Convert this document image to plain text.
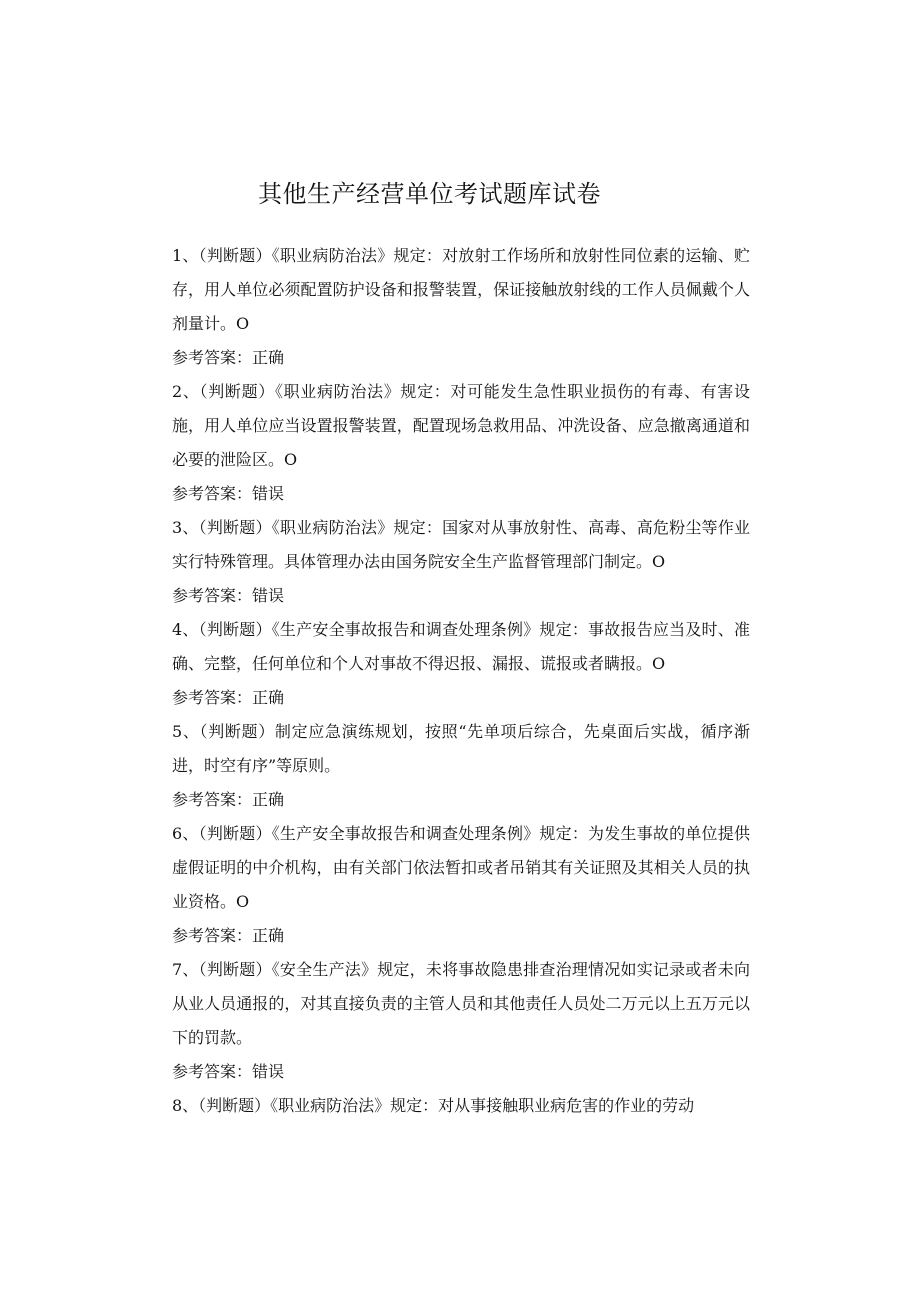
其他生产经营单位考试题库试卷

1、（判断题）《职业病防治法》规定：对放射工作场所和放射性同位素的运输、贮存，用人单位必须配置防护设备和报警装置，保证接触放射线的工作人员佩戴个人剂量计。O

参考答案：正确

2、（判断题）《职业病防治法》规定：对可能发生急性职业损伤的有毒、有害设施，用人单位应当设置报警装置，配置现场急救用品、冲洗设备、应急撤离通道和必要的泄险区。O

参考答案：错误

3、（判断题）《职业病防治法》规定：国家对从事放射性、高毒、高危粉尘等作业实行特殊管理。具体管理办法由国务院安全生产监督管理部门制定。O

参考答案：错误

4、（判断题）《生产安全事故报告和调查处理条例》规定：事故报告应当及时、准确、完整，任何单位和个人对事故不得迟报、漏报、谎报或者瞒报。O

参考答案：正确

5、（判断题）制定应急演练规划，按照“先单项后综合，先桌面后实战，循序渐进，时空有序”等原则。

参考答案：正确

6、（判断题）《生产安全事故报告和调查处理条例》规定：为发生事故的单位提供虚假证明的中介机构，由有关部门依法暂扣或者吊销其有关证照及其相关人员的执业资格。O

参考答案：正确

7、（判断题）《安全生产法》规定，未将事故隐患排查治理情况如实记录或者未向从业人员通报的，对其直接负责的主管人员和其他责任人员处二万元以上五万元以下的罚款。

参考答案：错误

8、（判断题）《职业病防治法》规定：对从事接触职业病危害的作业的劳动
